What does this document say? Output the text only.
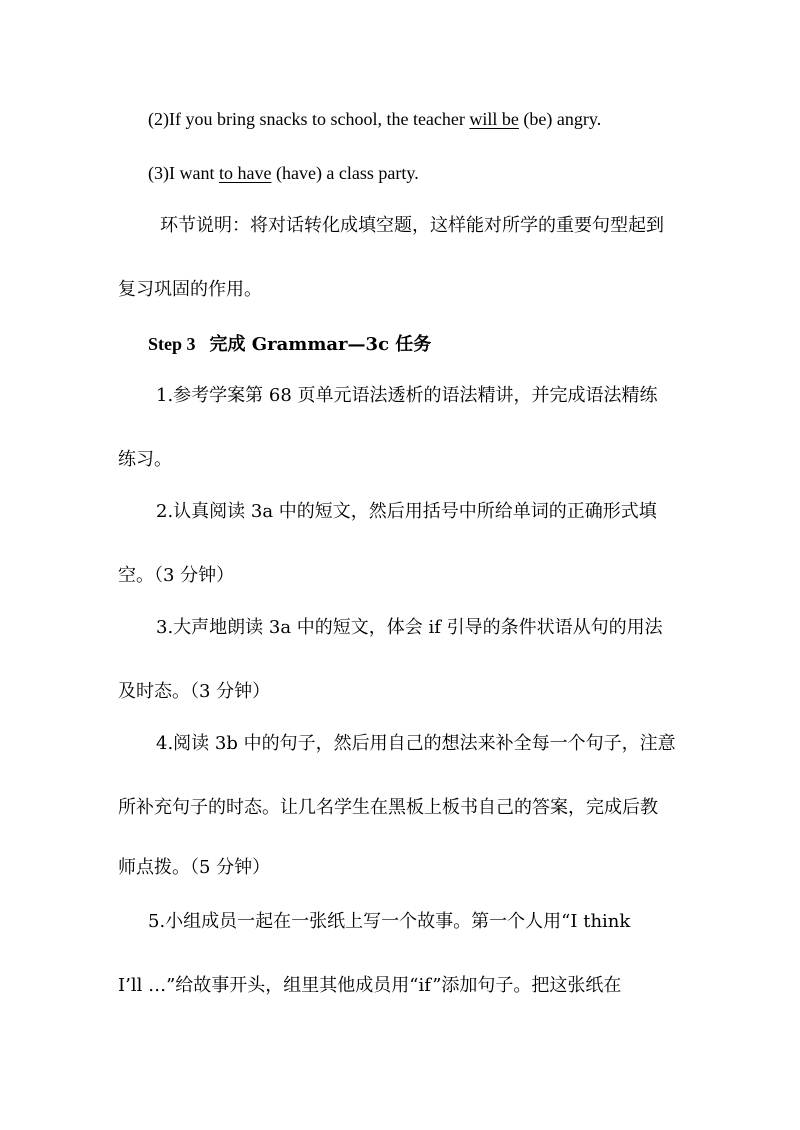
(2)If you bring snacks to school, the teacher will be (be) angry.
(3)I want to have (have) a class party.
环节说明：将对话转化成填空题，这样能对所学的重要句型起到
复习巩固的作用。
Step 3 完成 Grammar—3c 任务
1.参考学案第 68 页单元语法透析的语法精讲，并完成语法精练
练习。
2.认真阅读 3a 中的短文，然后用括号中所给单词的正确形式填
空。（3 分钟）
3.大声地朗读 3a 中的短文，体会 if 引导的条件状语从句的用法
及时态。（3 分钟）
4.阅读 3b 中的句子，然后用自己的想法来补全每一个句子，注意
所补充句子的时态。让几名学生在黑板上板书自己的答案，完成后教
师点拨。（5 分钟）
5.小组成员一起在一张纸上写一个故事。第一个人用“I think
I’ll …”给故事开头，组里其他成员用“if”添加句子。把这张纸在
